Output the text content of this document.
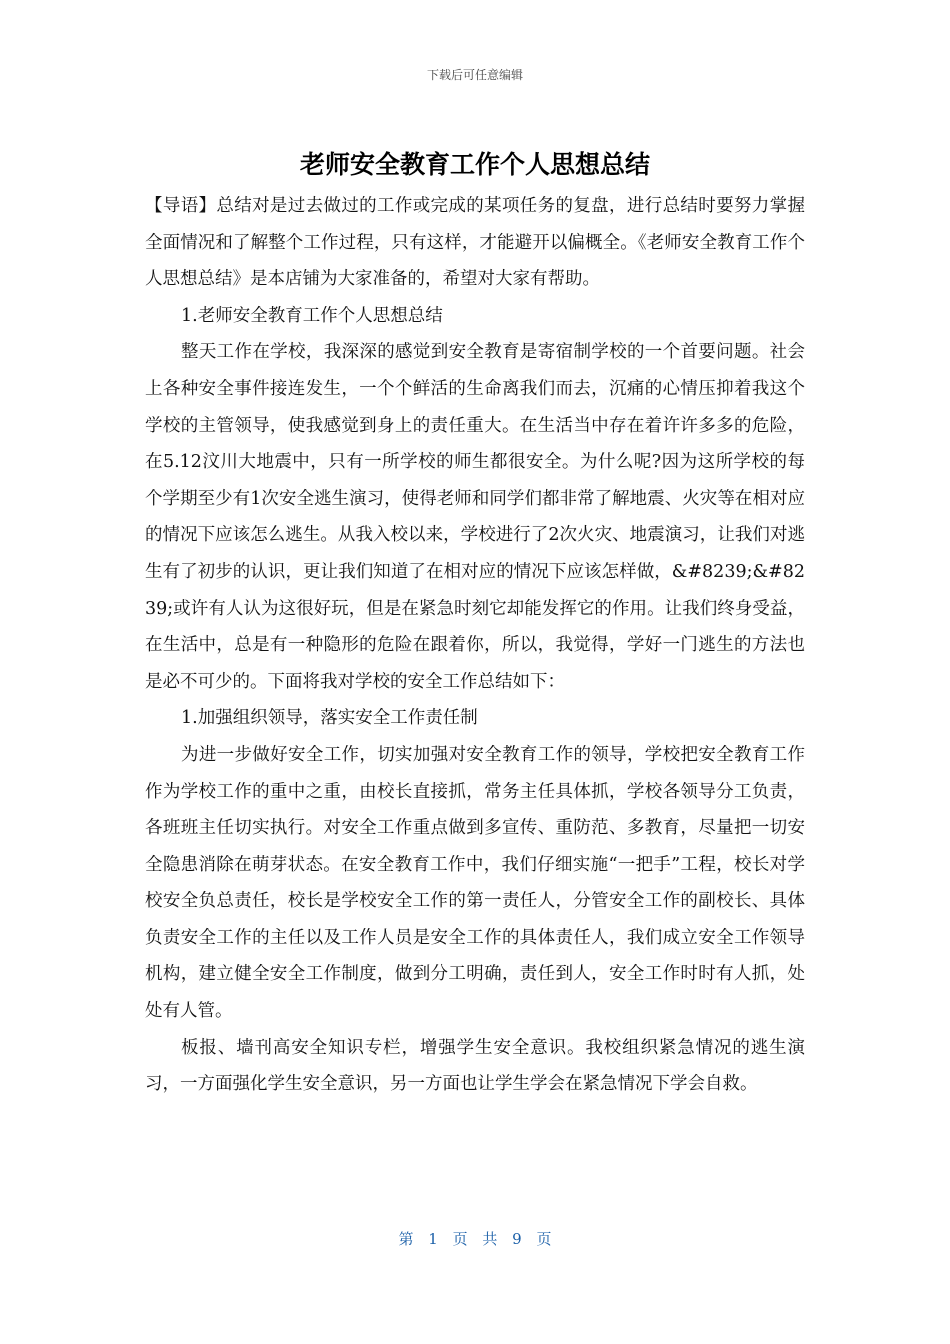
下载后可任意编辑
老师安全教育工作个人思想总结

【导语】总结对是过去做过的工作或完成的某项任务的复盘，进行总结时要努力掌握全面情况和了解整个工作过程，只有这样，才能避开以偏概全。《老师安全教育工作个人思想总结》是本店铺为大家准备的，希望对大家有帮助。

1.老师安全教育工作个人思想总结

整天工作在学校，我深深的感觉到安全教育是寄宿制学校的一个首要问题。社会上各种安全事件接连发生，一个个鲜活的生命离我们而去，沉痛的心情压抑着我这个学校的主管领导，使我感觉到身上的责任重大。在生活当中存在着许许多多的危险，在5.12汶川大地震中，只有一所学校的师生都很安全。为什么呢?因为这所学校的每个学期至少有1次安全逃生演习，使得老师和同学们都非常了解地震、火灾等在相对应的情况下应该怎么逃生。从我入校以来，学校进行了2次火灾、地震演习，让我们对逃生有了初步的认识，更让我们知道了在相对应的情况下应该怎样做，&#8239;&#8239;或许有人认为这很好玩，但是在紧急时刻它却能发挥它的作用。让我们终身受益，在生活中，总是有一种隐形的危险在跟着你，所以，我觉得，学好一门逃生的方法也是必不可少的。下面将我对学校的安全工作总结如下：

1.加强组织领导，落实安全工作责任制

为进一步做好安全工作，切实加强对安全教育工作的领导，学校把安全教育工作作为学校工作的重中之重，由校长直接抓，常务主任具体抓，学校各领导分工负责，各班班主任切实执行。对安全工作重点做到多宣传、重防范、多教育，尽量把一切安全隐患消除在萌芽状态。在安全教育工作中，我们仔细实施“一把手”工程，校长对学校安全负总责任，校长是学校安全工作的第一责任人，分管安全工作的副校长、具体负责安全工作的主任以及工作人员是安全工作的具体责任人，我们成立安全工作领导机构，建立健全安全工作制度，做到分工明确，责任到人，安全工作时时有人抓，处处有人管。

板报、墙刊高安全知识专栏，增强学生安全意识。我校组织紧急情况的逃生演习，一方面强化学生安全意识，另一方面也让学生学会在紧急情况下学会自救。

第 1 页 共 9 页
